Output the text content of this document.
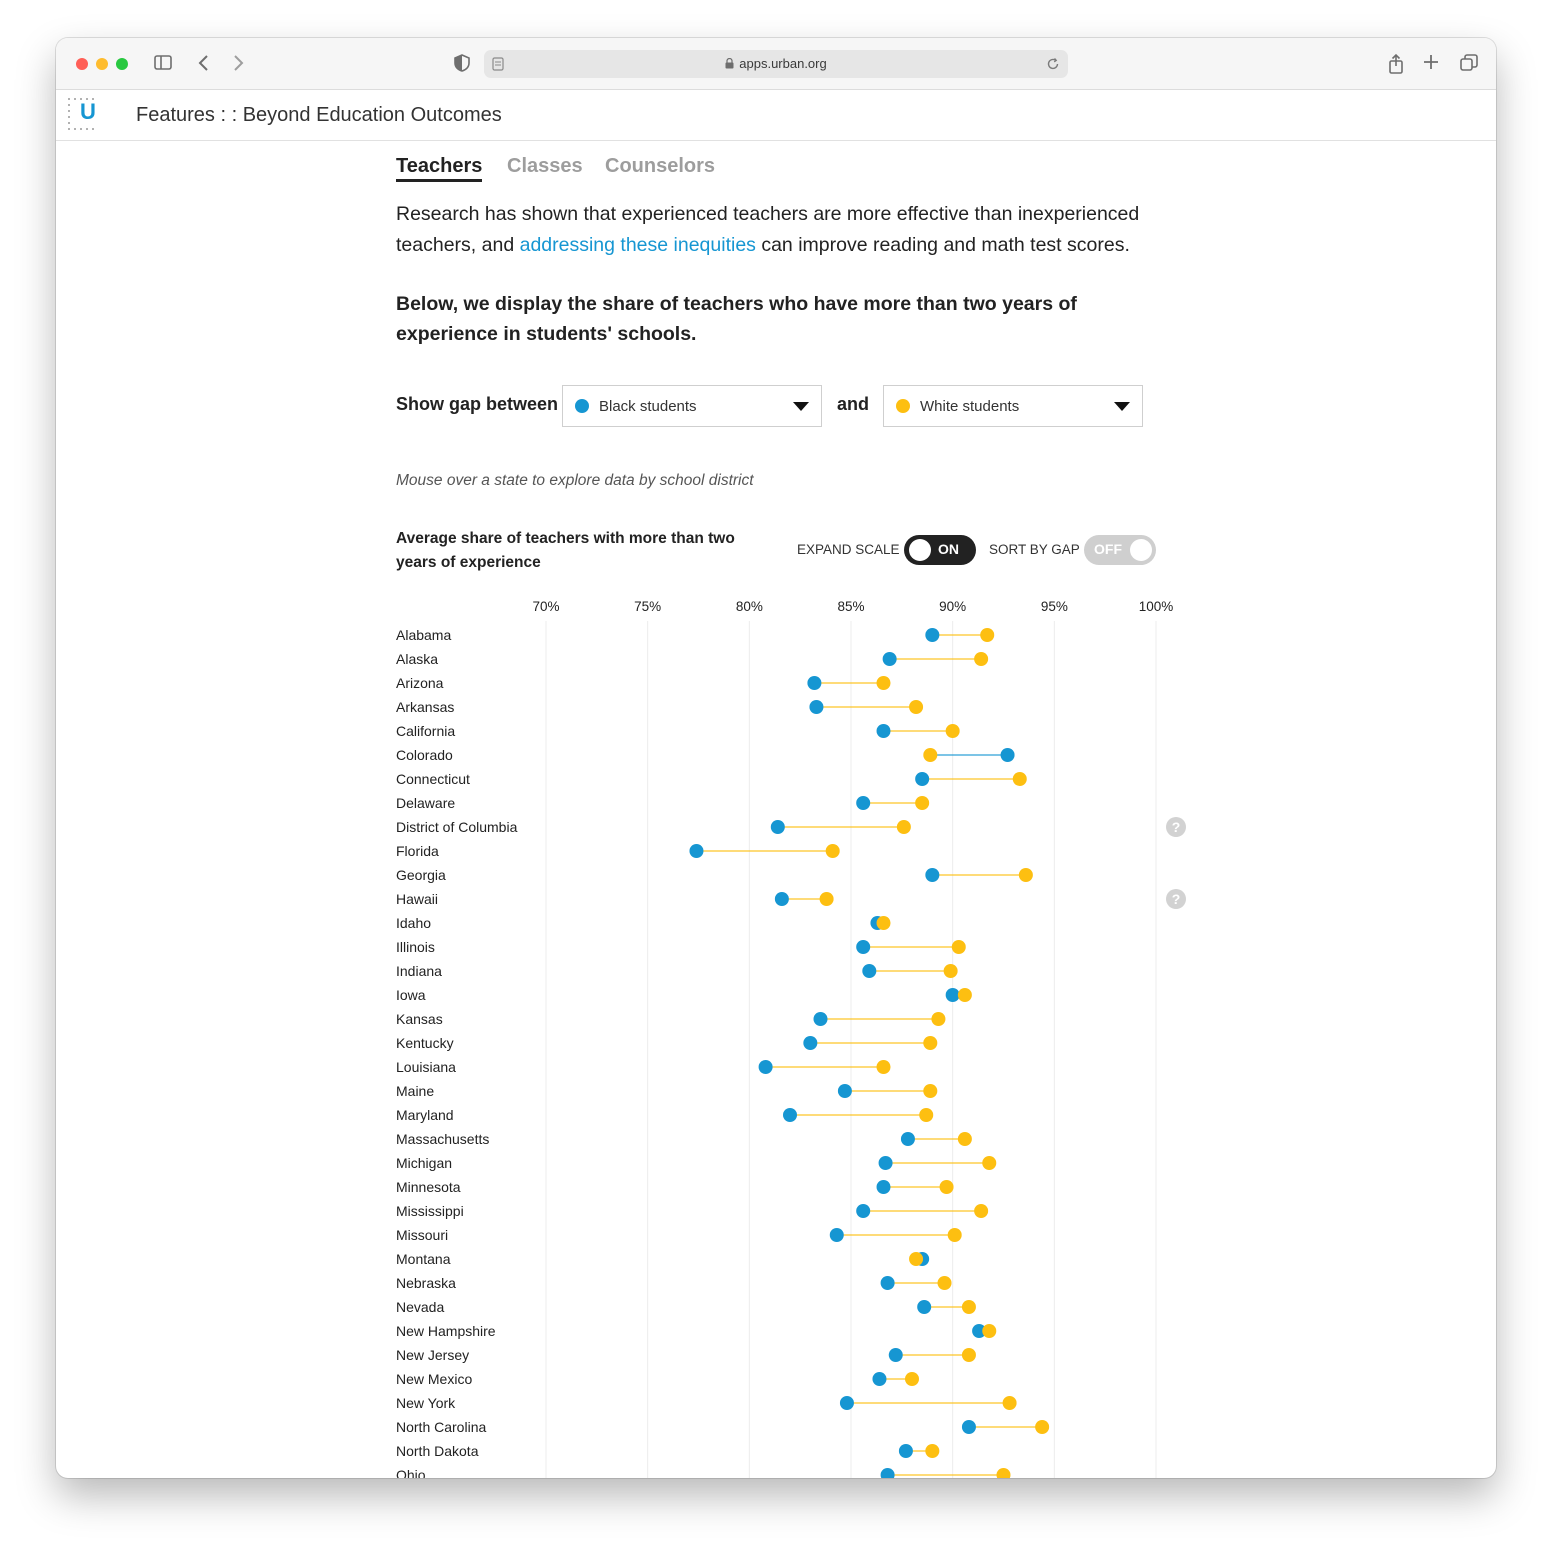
apps.urban.org
U Features : : Beyond Education Outcomes
Teachers Classes Counselors

Research has shown that experienced teachers are more effective than inexperienced teachers, and addressing these inequities can improve reading and math test scores.

Below, we display the share of teachers who have more than two years of experience in students' schools.

Show gap between	Black students	and	White students

Mouse over a state to explore data by school district

Average share of teachers with more than two years of experience

EXPAND SCALE	ON SORT BY GAP OFF
70%	75%	80%	85%	90%	95%	100%
Alabama
Alaska
Arizona
Arkansas
California
Colorado
Connecticut
Delaware
District of Columbia	?
Florida
Georgia
Hawaii	?
Idaho
Illinois
Indiana
Iowa
Kansas
Kentucky
Louisiana
Maine
Maryland
Massachusetts
Michigan
Minnesota
Mississippi
Missouri
Montana
Nebraska
Nevada
New Hampshire
New Jersey
New Mexico
New York
North Carolina
North Dakota
Ohio
